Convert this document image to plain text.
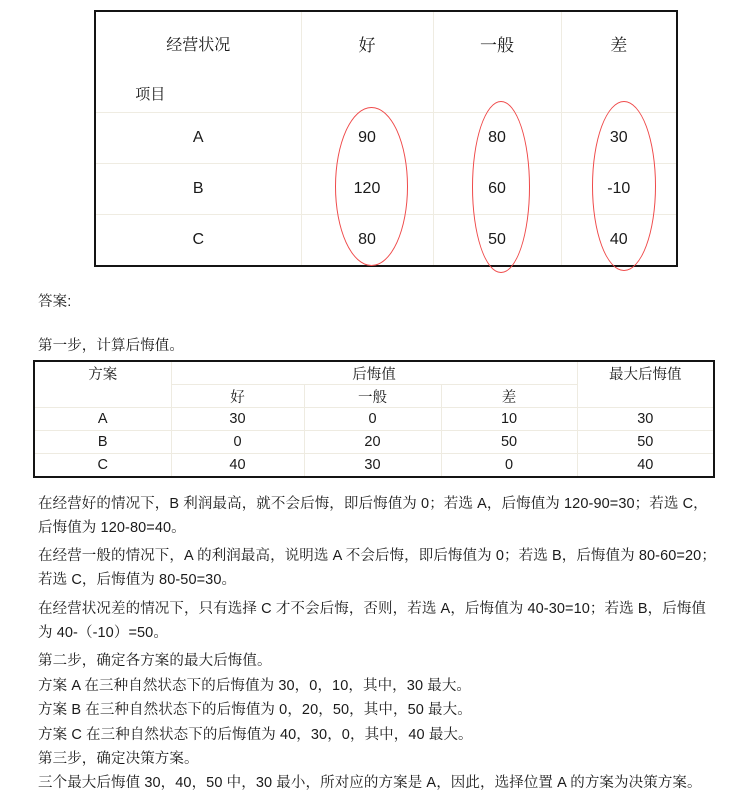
经营状况
项目	好	一般	差
A	90	80	30
B	120	60	-10
C	80	50	40
答案:
第一步，计算后悔值。
方案	后悔值			最大后悔值
	好	一般	差	
A	30	0	10	30
B	0	20	50	50
C	40	30	0	40
在经营好的情况下，B 利润最高，就不会后悔，即后悔值为 0；若选 A，后悔值为 120-90=30；若选 C，
后悔值为 120-80=40。
在经营一般的情况下，A 的利润最高，说明选 A 不会后悔，即后悔值为 0；若选 B，后悔值为 80-60=20；
若选 C，后悔值为 80-50=30。
在经营状况差的情况下，只有选择 C 才不会后悔，否则，若选 A，后悔值为 40-30=10；若选 B，后悔值
为 40-（-10）=50。
第二步，确定各方案的最大后悔值。
方案 A 在三种自然状态下的后悔值为 30，0，10，其中，30 最大。
方案 B 在三种自然状态下的后悔值为 0，20，50，其中，50 最大。
方案 C 在三种自然状态下的后悔值为 40，30，0，其中，40 最大。
第三步，确定决策方案。
三个最大后悔值 30，40，50 中，30 最小，所对应的方案是 A，因此，选择位置 A 的方案为决策方案。
